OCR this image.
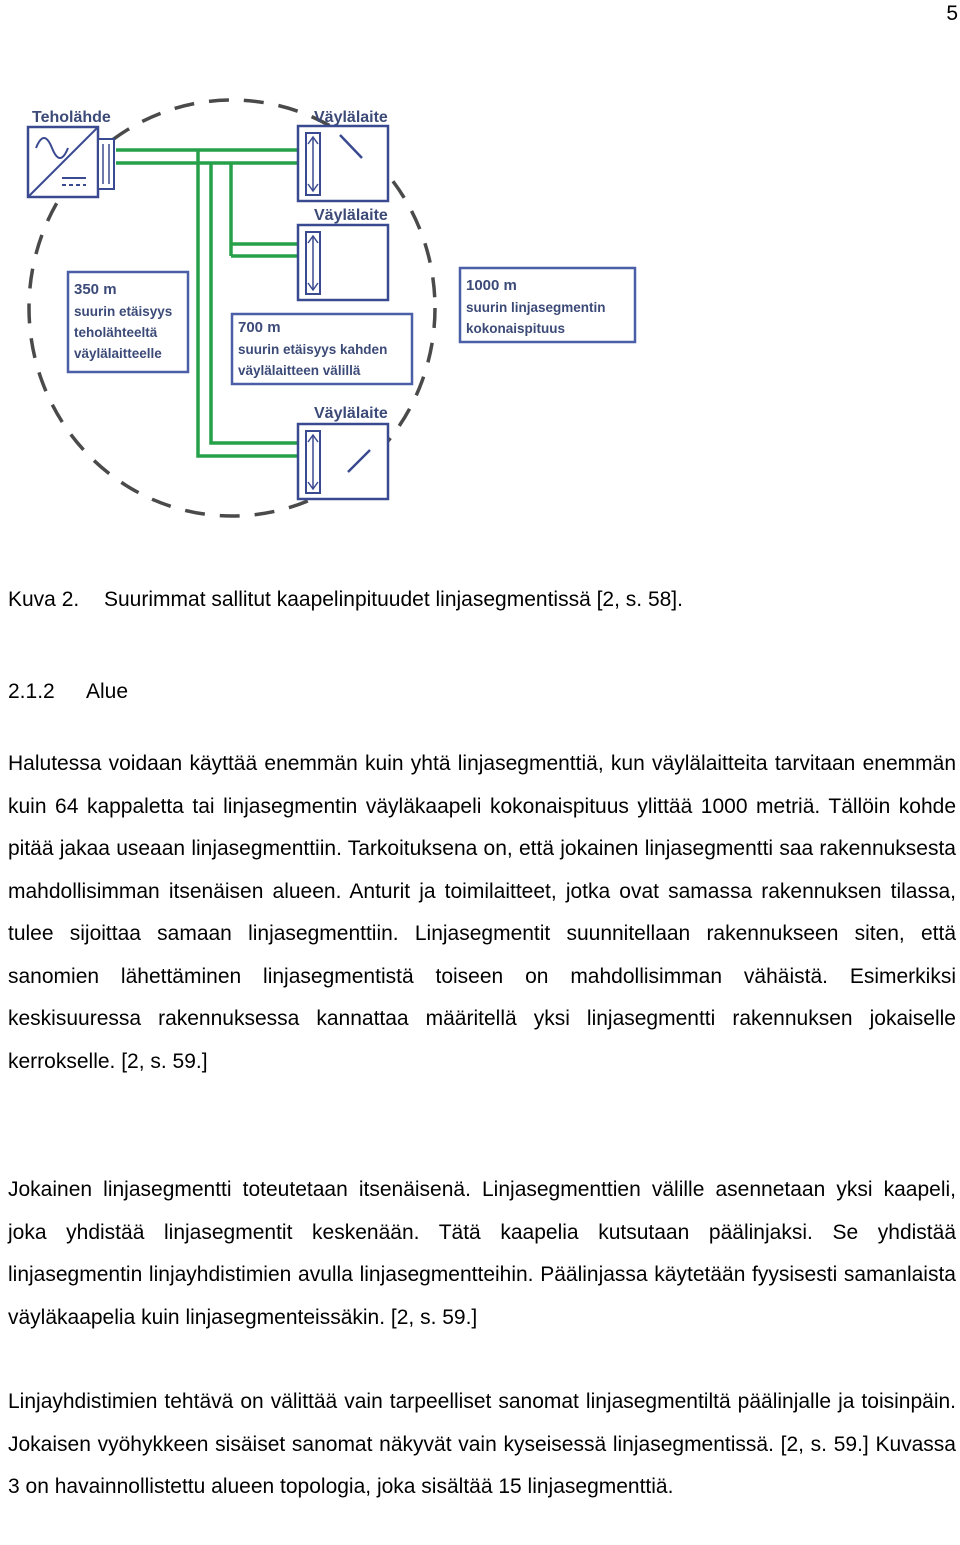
5
Teholähde	Väylälaite
Väylälaite
Väylälaite
350 m
suurin etäisyys
teholähteeltä
väylälaitteelle
700 m
suurin etäisyys kahden
väylälaitteen välillä
1000 m
suurin linjasegmentin
kokonaispituus
Kuva 2. Suurimmat sallitut kaapelinpituudet linjasegmentissä [2, s. 58].
2.1.2 Alue

Halutessa voidaan käyttää enemmän kuin yhtä linjasegmenttiä, kun väylälaitteita tarvitaan enemmän kuin 64 kappaletta tai linjasegmentin väyläkaapeli kokonaispituus ylittää 1000 metriä. Tällöin kohde pitää jakaa useaan linjasegmenttiin. Tarkoituksena on, että jokainen linjasegmentti saa rakennuksesta mahdollisimman itsenäisen alueen. Anturit ja toimilaitteet, jotka ovat samassa rakennuksen tilassa, tulee sijoittaa samaan linjasegmenttiin. Linjasegmentit suunnitellaan rakennukseen siten, että sanomien lähettäminen linjasegmentistä toiseen on mahdollisimman vähäistä. Esimerkiksi keskisuuressa rakennuksessa kannattaa määritellä yksi linjasegmentti rakennuksen jokaiselle kerrokselle. [2, s. 59.]

Jokainen linjasegmentti toteutetaan itsenäisenä. Linjasegmenttien välille asennetaan yksi kaapeli, joka yhdistää linjasegmentit keskenään. Tätä kaapelia kutsutaan päälinjaksi. Se yhdistää linjasegmentin linjayhdistimien avulla linjasegmentteihin. Päälinjassa käytetään fyysisesti samanlaista väyläkaapelia kuin linjasegmenteissäkin. [2, s. 59.]

Linjayhdistimien tehtävä on välittää vain tarpeelliset sanomat linjasegmentiltä päälinjalle ja toisinpäin. Jokaisen vyöhykkeen sisäiset sanomat näkyvät vain kyseisessä linjasegmentissä. [2, s. 59.] Kuvassa 3 on havainnollistettu alueen topologia, joka sisältää 15 linjasegmenttiä.
